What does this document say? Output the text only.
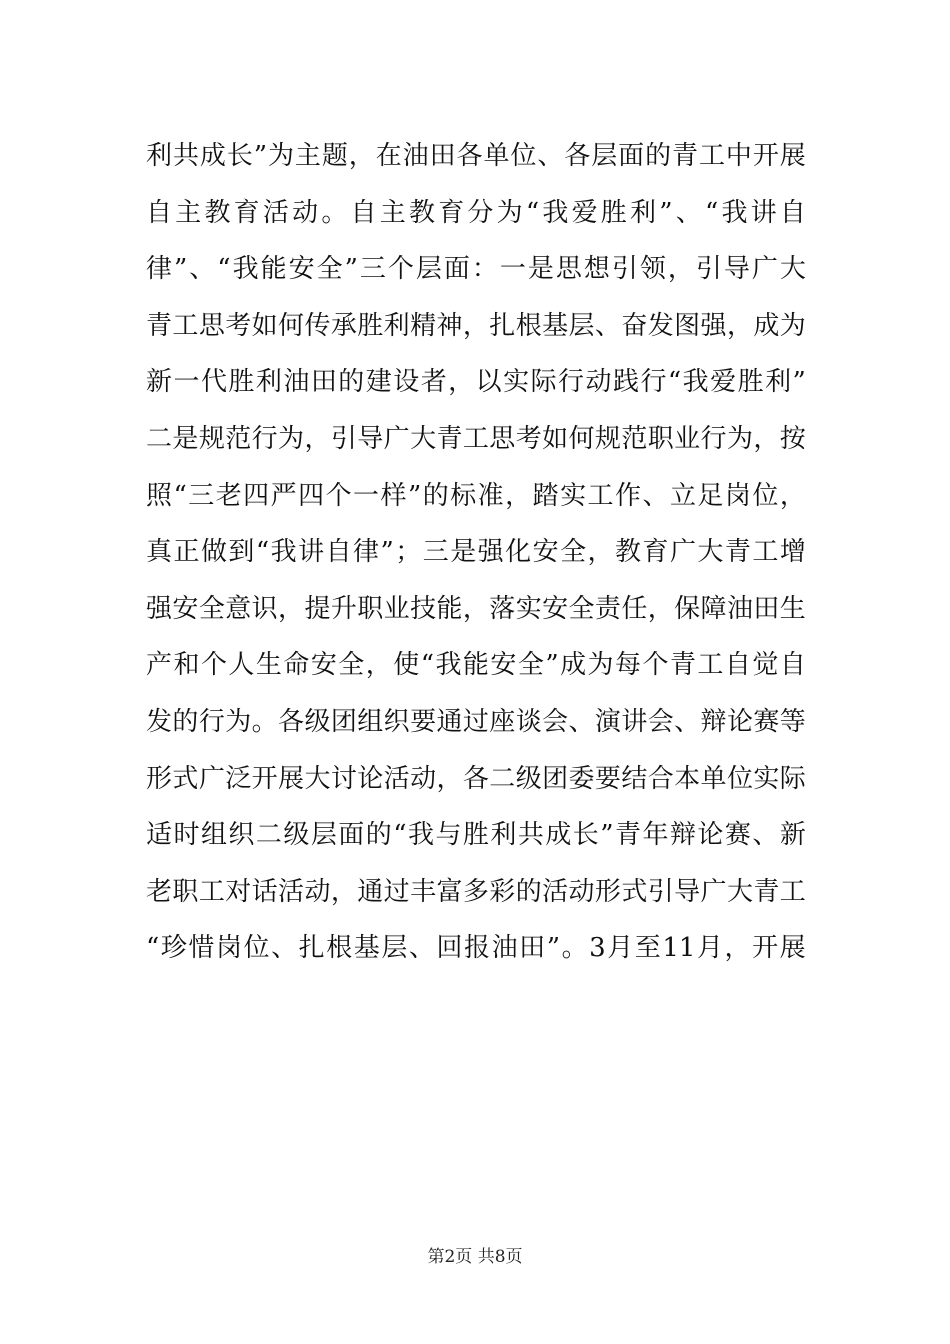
利 共 成 长 ” 为 主 题 ， 在 油 田 各 单 位 、 各 层 面 的 青 工 中 开 展
自 主 教 育 活 动 。 自 主 教 育 分 为 “ 我 爱 胜 利 ” 、 “ 我 讲 自
律 ” 、 “ 我 能 安 全 ” 三 个 层 面 ： 一 是 思 想 引 领 ， 引 导 广 大
青 工 思 考 如 何 传 承 胜 利 精 神 ， 扎 根 基 层 、 奋 发 图 强 ， 成 为
新 一 代 胜 利 油 田 的 建 设 者 ， 以 实 际 行 动 践 行 “ 我 爱 胜 利 ”
二 是 规 范 行 为 ， 引 导 广 大 青 工 思 考 如 何 规 范 职 业 行 为 ， 按
照 “ 三 老 四 严 四 个 一 样 ” 的 标 准 ， 踏 实 工 作 、 立 足 岗 位 ，
真 正 做 到 “ 我 讲 自 律 ” ； 三 是 强 化 安 全 ， 教 育 广 大 青 工 增
强 安 全 意 识 ， 提 升 职 业 技 能 ， 落 实 安 全 责 任 ， 保 障 油 田 生
产 和 个 人 生 命 安 全 ， 使 “ 我 能 安 全 ” 成 为 每 个 青 工 自 觉 自
发 的 行 为 。 各 级 团 组 织 要 通 过 座 谈 会 、 演 讲 会 、 辩 论 赛 等
形 式 广 泛 开 展 大 讨 论 活 动 ， 各 二 级 团 委 要 结 合 本 单 位 实 际
适 时 组 织 二 级 层 面 的 “ 我 与 胜 利 共 成 长 ” 青 年 辩 论 赛 、 新
老 职 工 对 话 活 动 ， 通 过 丰 富 多 彩 的 活 动 形 式 引 导 广 大 青 工
“ 珍 惜 岗 位 、 扎 根 基 层 、 回 报 油 田 ” 。 3 月 至 11 月 ， 开 展
第2页 共8页
